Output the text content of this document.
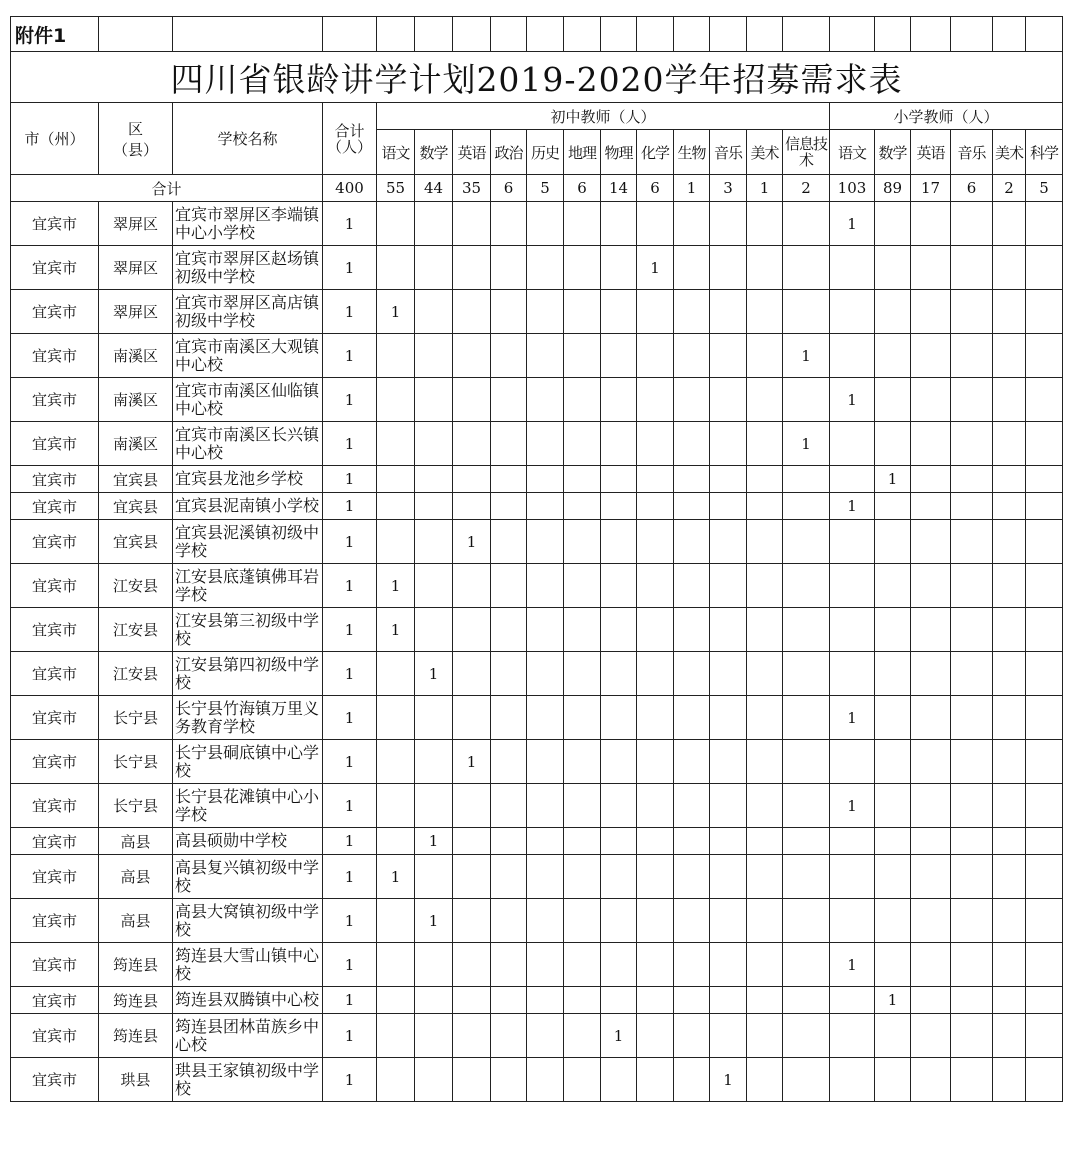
附件1																					
四川省银龄讲学计划2019-2020学年招募需求表																					
市（州）	区（县）	学校名称	合计（人）	初中教师（人）												小学教师（人）					
				语文	数学	英语	政治	历史	地理	物理	化学	生物	音乐	美术	信息技术	语文	数学	英语	音乐	美术	科学
合计			400	55	44	35	6	5	6	14	6	1	3	1	2	103	89	17	6	2	5
宜宾市	翠屏区	宜宾市翠屏区李端镇中心小学校	1													1					
宜宾市	翠屏区	宜宾市翠屏区赵场镇初级中学校	1								1										
宜宾市	翠屏区	宜宾市翠屏区高店镇初级中学校	1	1																	
宜宾市	南溪区	宜宾市南溪区大观镇中心校	1												1						
宜宾市	南溪区	宜宾市南溪区仙临镇中心校	1													1					
宜宾市	南溪区	宜宾市南溪区长兴镇中心校	1												1						
宜宾市	宜宾县	宜宾县龙池乡学校	1														1				
宜宾市	宜宾县	宜宾县泥南镇小学校	1													1					
宜宾市	宜宾县	宜宾县泥溪镇初级中学校	1			1															
宜宾市	江安县	江安县底蓬镇佛耳岩学校	1	1																	
宜宾市	江安县	江安县第三初级中学校	1	1																	
宜宾市	江安县	江安县第四初级中学校	1		1																
宜宾市	长宁县	长宁县竹海镇万里义务教育学校	1													1					
宜宾市	长宁县	长宁县硐底镇中心学校	1			1															
宜宾市	长宁县	长宁县花滩镇中心小学校	1													1					
宜宾市	高县	高县硕勋中学校	1		1																
宜宾市	高县	高县复兴镇初级中学校	1	1																	
宜宾市	高县	高县大窝镇初级中学校	1		1																
宜宾市	筠连县	筠连县大雪山镇中心校	1													1					
宜宾市	筠连县	筠连县双腾镇中心校	1														1				
宜宾市	筠连县	筠连县团林苗族乡中心校	1							1											
宜宾市	珙县	珙县王家镇初级中学校	1										1								
